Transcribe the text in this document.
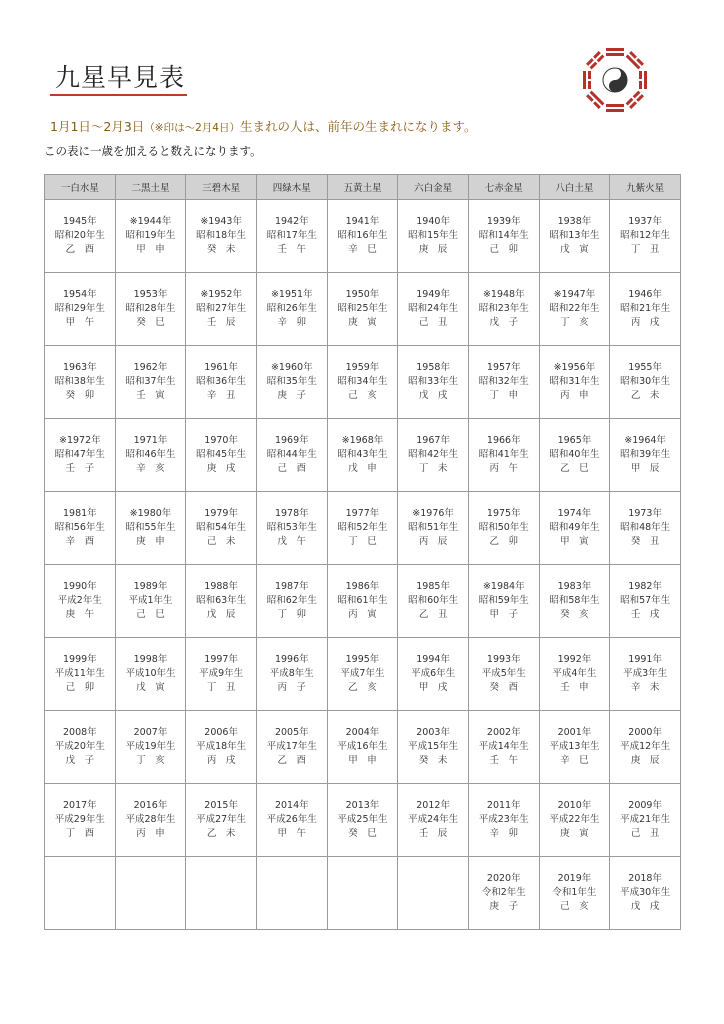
九星早見表
1月1日〜2月3日（※印は〜2月4日）生まれの人は、前年の生まれになります。
この表に一歳を加えると数えになります。
一白水星	二黒土星	三碧木星	四緑木星	五黄土星	六白金星	七赤金星	八白土星	九紫火星

1945年
昭和20年生
乙　酉	※1944年
昭和19年生
甲　申	※1943年
昭和18年生
癸　未	1942年
昭和17年生
壬　午	1941年
昭和16年生
辛　巳	1940年
昭和15年生
庚　辰	1939年
昭和14年生
己　卯	1938年
昭和13年生
戊　寅	1937年
昭和12年生
丁　丑

1954年
昭和29年生
甲　午	1953年
昭和28年生
癸　巳	※1952年
昭和27年生
壬　辰	※1951年
昭和26年生
辛　卯	1950年
昭和25年生
庚　寅	1949年
昭和24年生
己　丑	※1948年
昭和23年生
戊　子	※1947年
昭和22年生
丁　亥	1946年
昭和21年生
丙　戌

1963年
昭和38年生
癸　卯	1962年
昭和37年生
壬　寅	1961年
昭和36年生
辛　丑	※1960年
昭和35年生
庚　子	1959年
昭和34年生
己　亥	1958年
昭和33年生
戊　戌	1957年
昭和32年生
丁　申	※1956年
昭和31年生
丙　申	1955年
昭和30年生
乙　未

※1972年
昭和47年生
壬　子	1971年
昭和46年生
辛　亥	1970年
昭和45年生
庚　戌	1969年
昭和44年生
己　酉	※1968年
昭和43年生
戊　申	1967年
昭和42年生
丁　未	1966年
昭和41年生
丙　午	1965年
昭和40年生
乙　巳	※1964年
昭和39年生
甲　辰

1981年
昭和56年生
辛　酉	※1980年
昭和55年生
庚　申	1979年
昭和54年生
己　未	1978年
昭和53年生
戊　午	1977年
昭和52年生
丁　巳	※1976年
昭和51年生
丙　辰	1975年
昭和50年生
乙　卯	1974年
昭和49年生
甲　寅	1973年
昭和48年生
癸　丑

1990年
平成2年生
庚　午	1989年
平成1年生
己　巳	1988年
昭和63年生
戊　辰	1987年
昭和62年生
丁　卯	1986年
昭和61年生
丙　寅	1985年
昭和60年生
乙　丑	※1984年
昭和59年生
甲　子	1983年
昭和58年生
癸　亥	1982年
昭和57年生
壬　戌

1999年
平成11年生
己　卯	1998年
平成10年生
戊　寅	1997年
平成9年生
丁　丑	1996年
平成8年生
丙　子	1995年
平成7年生
乙　亥	1994年
平成6年生
甲　戌	1993年
平成5年生
癸　酉	1992年
平成4年生
壬　申	1991年
平成3年生
辛　未

2008年
平成20年生
戊　子	2007年
平成19年生
丁　亥	2006年
平成18年生
丙　戌	2005年
平成17年生
乙　酉	2004年
平成16年生
甲　申	2003年
平成15年生
癸　未	2002年
平成14年生
壬　午	2001年
平成13年生
辛　巳	2000年
平成12年生
庚　辰

2017年
平成29年生
丁　酉	2016年
平成28年生
丙　申	2015年
平成27年生
乙　未	2014年
平成26年生
甲　午	2013年
平成25年生
癸　巳	2012年
平成24年生
壬　辰	2011年
平成23年生
辛　卯	2010年
平成22年生
庚　寅	2009年
平成21年生
己　丑

						2020年
令和2年生
庚　子	2019年
令和1年生
己　亥	2018年
平成30年生
戊　戌
